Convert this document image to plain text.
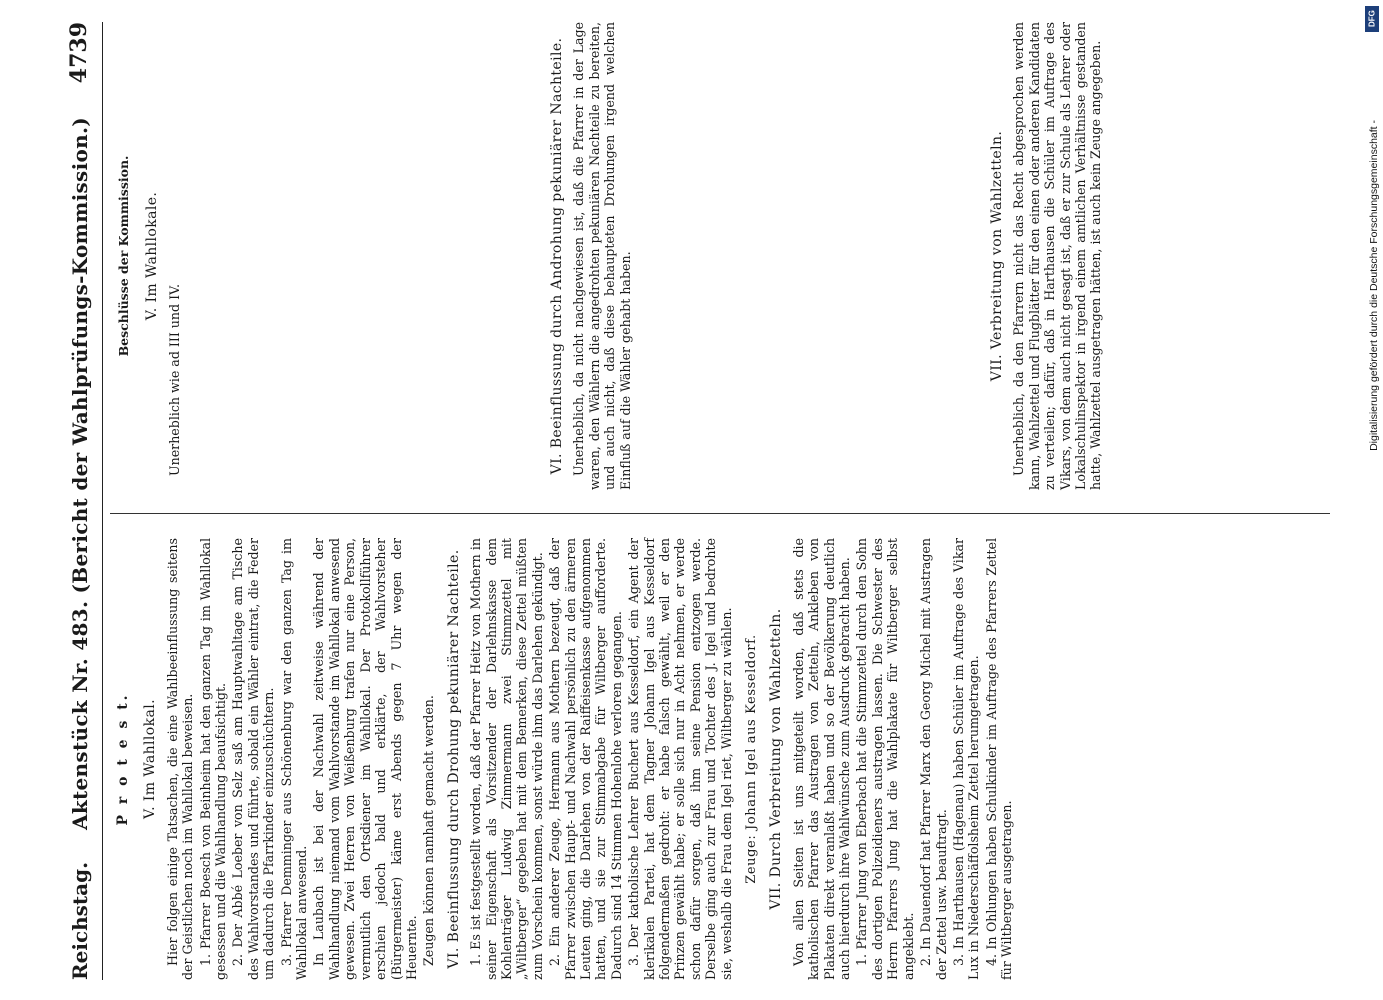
Reichstag.
Aktenstück Nr. 483. (Bericht der Wahlprüfungs-Kommission.)
4739
P r o t e s t. V. Im Wahllokal. Hier folgen einige Tatsachen, die eine Wahlbeeinflussung seitens der Geistlichen noch im Wahllokal beweisen. 1. Pfarrer Boesch von Beinheim hat den ganzen Tag im Wahllokal gesessen und die Wahlhandlung beaufsichtigt. 2. Der Abbé Loeber von Selz saß am Hauptwahltage am Tische des Wahlvorstandes und führte, sobald ein Wähler eintrat, die Feder um dadurch die Pfarrkinder einzuschüchtern. 3. Pfarrer Demminger aus Schönenburg war den ganzen Tag im Wahllokal anwesend. In Laubach ist bei der Nachwahl zeitweise während der Wahlhandlung niemand vom Wahlvorstande im Wahllokal anwesend gewesen. Zwei Herren von Weißenburg trafen nur eine Person, vermutlich den Ortsdiener im Wahllokal. Der Protokollführer erschien jedoch bald und erklärte, der Wahlvorsteher (Bürgermeister) käme erst Abends gegen 7 Uhr wegen der Heuernte. Zeugen können namhaft gemacht werden. VI. Beeinflussung durch Drohung pekuniärer Nachteile. 1. Es ist festgestellt worden, daß der Pfarrer Heitz von Mothern in seiner Eigenschaft als Vorsitzender der Darlehnskasse dem Kohlenträger Ludwig Zimmermann zwei Stimmzettel mit „Wiltberger“ gegeben hat mit dem Bemerken, diese Zettel müßten zum Vorschein kommen, sonst würde ihm das Darlehen gekündigt. 2. Ein anderer Zeuge, Hermann aus Mothern bezeugt, daß der Pfarrer zwischen Haupt- und Nachwahl persönlich zu den ärmeren Leuten ging, die Darlehen von der Raiffeisenkasse aufgenommen hatten, und sie zur Stimmabgabe für Wiltberger aufforderte. Dadurch sind 14 Stimmen Hohenlohe verloren gegangen. 3. Der katholische Lehrer Buchert aus Kesseldorf, ein Agent der klerikalen Partei, hat dem Tagner Johann Igel aus Kesseldorf folgendermaßen gedroht: er habe falsch gewählt, weil er den Prinzen gewählt habe; er solle sich nur in Acht nehmen, er werde schon dafür sorgen, daß ihm seine Pension entzogen werde. Derselbe ging auch zur Frau und Tochter des J. Igel und bedrohte sie, weshalb die Frau dem Igel riet, Wiltberger zu wählen. Zeuge: Johann Igel aus Kesseldorf. VII. Durch Verbreitung von Wahlzetteln. Von allen Seiten ist uns mitgeteilt worden, daß stets die katholischen Pfarrer das Austragen von Zetteln, Ankleben von Plakaten direkt veranlaßt haben und so der Bevölkerung deutlich auch hierdurch ihre Wahlwünsche zum Ausdruck gebracht haben. 1. Pfarrer Jung von Eberbach hat die Stimmzettel durch den Sohn des dortigen Polizeidieners austragen lassen. Die Schwester des Herrn Pfarrers Jung hat die Wahlplakate für Wiltberger selbst angeklebt. 2. In Dauendorf hat Pfarrer Marx den Georg Michel mit Austragen der Zettel usw. beauftragt. 3. In Harthausen (Hagenau) haben Schüler im Auftrage des Vikar Lux in Niederschäffolsheim Zettel herumgetragen. 4. In Ohlungen haben Schulkinder im Auftrage des Pfarrers Zettel für Wiltberger ausgetragen.

Beschlüsse der Kommission. V. Im Wahllokale.

Unerheblich wie ad III und IV.	VI. Beeinflussung durch Androhung pekuniärer Nachteile. Unerheblich, da nicht nachgewiesen ist, daß die Pfarrer in der Lage waren, den Wählern die angedrohten pekuniären Nachteile zu bereiten, und auch nicht, daß diese behaupteten Drohungen irgend welchen Einfluß auf die Wähler gehabt haben.	VII. Verbreitung von Wahlzetteln. Unerheblich, da den Pfarrern nicht das Recht abgesprochen werden kann, Wahlzettel und Flugblätter für den einen oder anderen Kandidaten zu verteilen; dafür, daß in Harthausen die Schüler im Auftrage des Vikars, von dem auch nicht gesagt ist, daß er zur Schule als Lehrer oder Lokalschulinspektor in irgend einem amtlichen Verhältnisse gestanden hatte, Wahlzettel ausgetragen hätten, ist auch kein Zeuge angegeben.

DFG
Digitalisierung gefördert durch die Deutsche Forschungsgemeinschaft -
